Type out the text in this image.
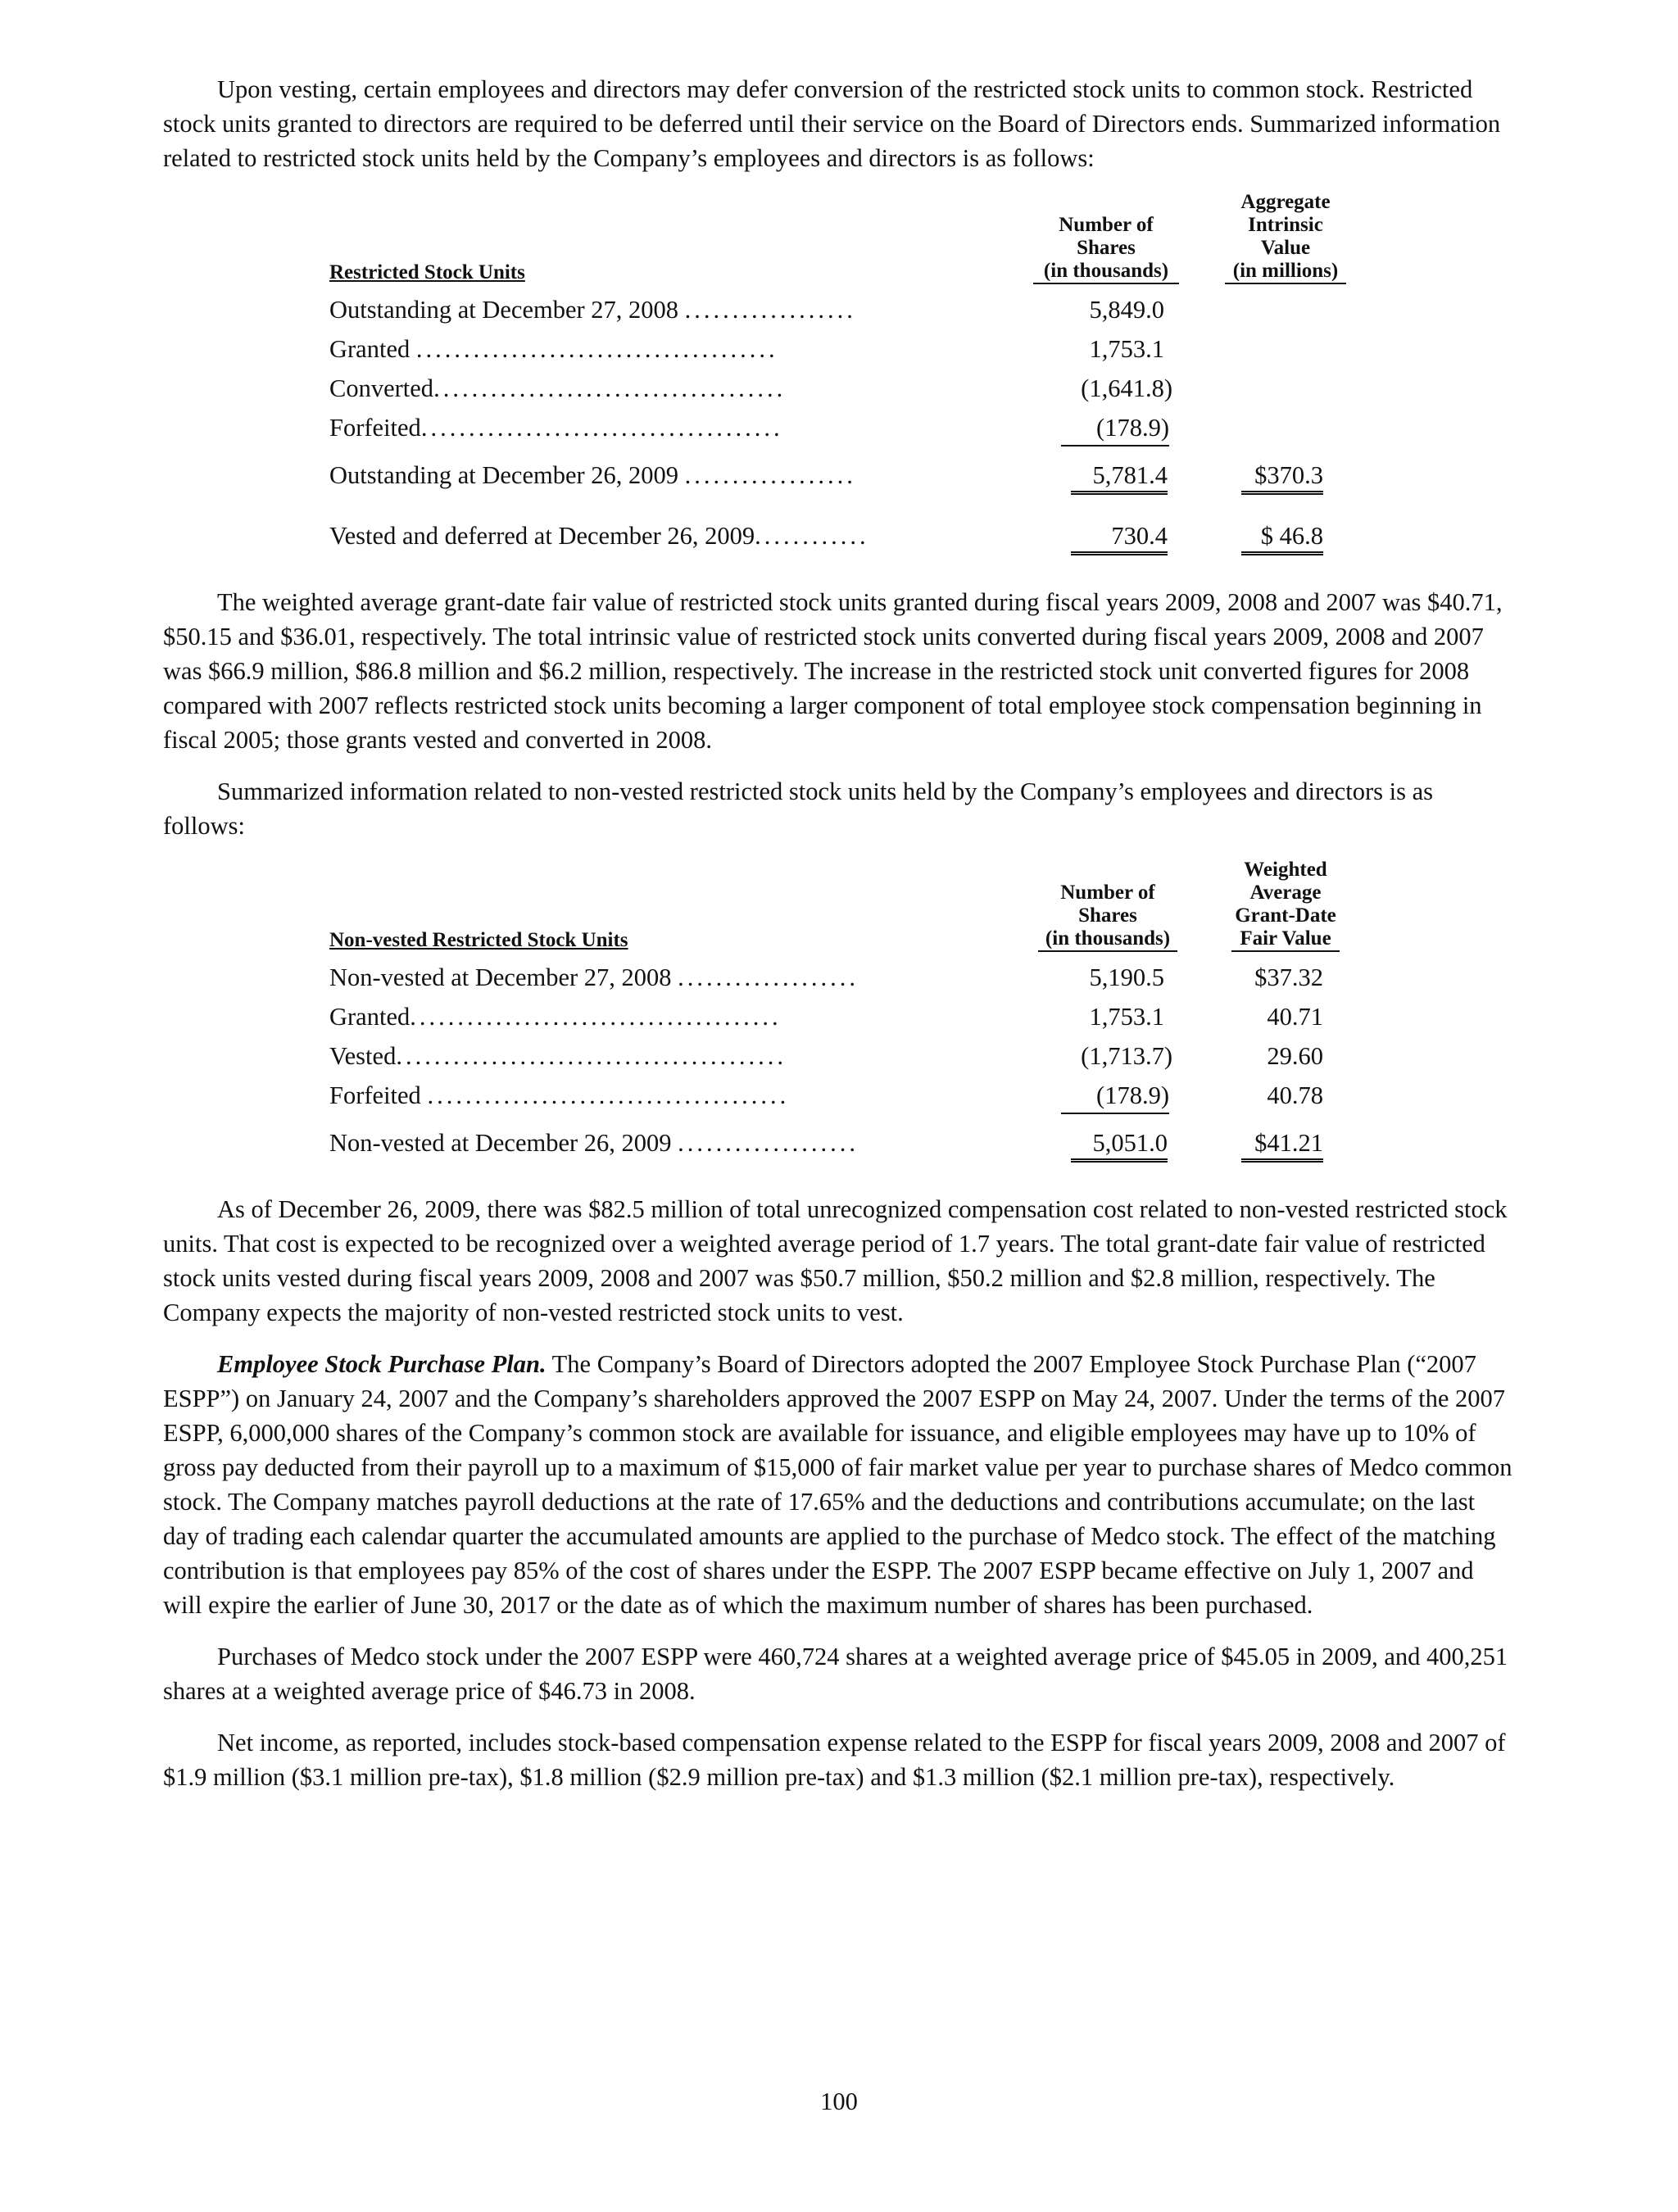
Upon vesting, certain employees and directors may defer conversion of the restricted stock units to common stock. Restricted stock units granted to directors are required to be deferred until their service on the Board of Directors ends. Summarized information related to restricted stock units held by the Company’s employees and directors is as follows:

Restricted Stock Units
Number of
Shares
(in thousands)
Aggregate
Intrinsic
Value
(in millions)
Outstanding at December 27, 2008 ..................	5,849.0
Granted ......................................	1,753.1
Converted.....................................	(1,641.8)
Forfeited......................................	(178.9)
Outstanding at December 26, 2009 ..................	5,781.4	$370.3
Vested and deferred at December 26, 2009............	730.4	$ 46.8

The weighted average grant-date fair value of restricted stock units granted during fiscal years 2009, 2008 and 2007 was $40.71, $50.15 and $36.01, respectively. The total intrinsic value of restricted stock units converted during fiscal years 2009, 2008 and 2007 was $66.9 million, $86.8 million and $6.2 million, respectively. The increase in the restricted stock unit converted figures for 2008 compared with 2007 reflects restricted stock units becoming a larger component of total employee stock compensation beginning in fiscal 2005; those grants vested and converted in 2008.

Summarized information related to non-vested restricted stock units held by the Company’s employees and directors is as follows:

Non-vested Restricted Stock Units
Number of
Shares
(in thousands)
Weighted
Average
Grant-Date
Fair Value
Non-vested at December 27, 2008 ...................	5,190.5	$37.32
Granted.......................................	1,753.1	40.71
Vested.........................................	(1,713.7)	29.60
Forfeited ......................................	(178.9)	40.78
Non-vested at December 26, 2009 ...................	5,051.0	$41.21

As of December 26, 2009, there was $82.5 million of total unrecognized compensation cost related to non-vested restricted stock units. That cost is expected to be recognized over a weighted average period of 1.7 years. The total grant-date fair value of restricted stock units vested during fiscal years 2009, 2008 and 2007 was $50.7 million, $50.2 million and $2.8 million, respectively. The Company expects the majority of non-vested restricted stock units to vest.

Employee Stock Purchase Plan. The Company’s Board of Directors adopted the 2007 Employee Stock Purchase Plan (“2007 ESPP”) on January 24, 2007 and the Company’s shareholders approved the 2007 ESPP on May 24, 2007. Under the terms of the 2007 ESPP, 6,000,000 shares of the Company’s common stock are available for issuance, and eligible employees may have up to 10% of gross pay deducted from their payroll up to a maximum of $15,000 of fair market value per year to purchase shares of Medco common stock. The Company matches payroll deductions at the rate of 17.65% and the deductions and contributions accumulate; on the last day of trading each calendar quarter the accumulated amounts are applied to the purchase of Medco stock. The effect of the matching contribution is that employees pay 85% of the cost of shares under the ESPP. The 2007 ESPP became effective on July 1, 2007 and will expire the earlier of June 30, 2017 or the date as of which the maximum number of shares has been purchased.

Purchases of Medco stock under the 2007 ESPP were 460,724 shares at a weighted average price of $45.05 in 2009, and 400,251 shares at a weighted average price of $46.73 in 2008.

Net income, as reported, includes stock-based compensation expense related to the ESPP for fiscal years 2009, 2008 and 2007 of $1.9 million ($3.1 million pre-tax), $1.8 million ($2.9 million pre-tax) and $1.3 million ($2.1 million pre-tax), respectively.

100
